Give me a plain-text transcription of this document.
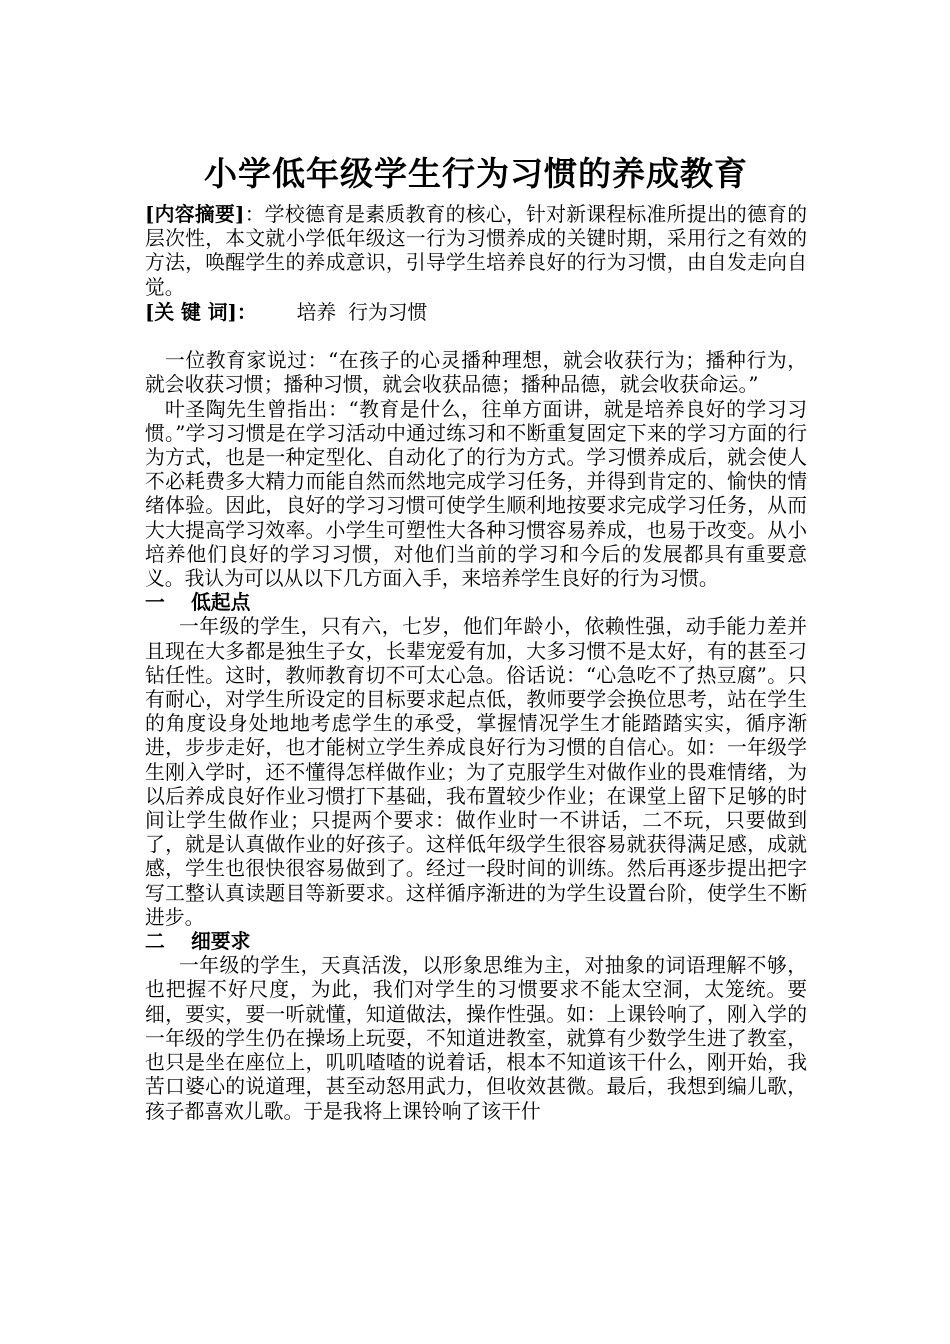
小学低年级学生行为习惯的养成教育

[内容摘要]：学校德育是素质教育的核心，针对新课程标准所提出的德育的层次性，本文就小学低年级这一行为习惯养成的关键时期，采用行之有效的方法，唤醒学生的养成意识，引导学生培养良好的行为习惯，由自发走向自觉。

[关 键 词]： 培养 行为习惯

一位教育家说过：“在孩子的心灵播种理想，就会收获行为；播种行为，就会收获习惯；播种习惯，就会收获品德；播种品德，就会收获命运。”

叶圣陶先生曾指出：“教育是什么，往单方面讲，就是培养良好的学习习惯。”学习习惯是在学习活动中通过练习和不断重复固定下来的学习方面的行为方式，也是一种定型化、自动化了的行为方式。学习惯养成后，就会使人不必耗费多大精力而能自然而然地完成学习任务，并得到肯定的、愉快的情绪体验。因此，良好的学习习惯可使学生顺利地按要求完成学习任务，从而大大提高学习效率。小学生可塑性大各种习惯容易养成，也易于改变。从小培养他们良好的学习习惯，对他们当前的学习和今后的发展都具有重要意义。我认为可以从以下几方面入手，来培养学生良好的行为习惯。

一 低起点

一年级的学生，只有六，七岁，他们年龄小，依赖性强，动手能力差并且现在大多都是独生子女，长辈宠爱有加，大多习惯不是太好，有的甚至刁钻任性。这时，教师教育切不可太心急。俗话说：“心急吃不了热豆腐”。只有耐心，对学生所设定的目标要求起点低，教师要学会换位思考，站在学生的角度设身处地地考虑学生的承受，掌握情况学生才能踏踏实实，循序渐进，步步走好，也才能树立学生养成良好行为习惯的自信心。如：一年级学生刚入学时，还不懂得怎样做作业；为了克服学生对做作业的畏难情绪，为以后养成良好作业习惯打下基础，我布置较少作业；在课堂上留下足够的时间让学生做作业；只提两个要求：做作业时一不讲话，二不玩，只要做到了，就是认真做作业的好孩子。这样低年级学生很容易就获得满足感，成就感，学生也很快很容易做到了。经过一段时间的训练。然后再逐步提出把字写工整认真读题目等新要求。这样循序渐进的为学生设置台阶，使学生不断进步。

二 细要求

一年级的学生，天真活泼，以形象思维为主，对抽象的词语理解不够，也把握不好尺度，为此，我们对学生的习惯要求不能太空洞，太笼统。要细，要实，要一听就懂，知道做法，操作性强。如：上课铃响了，刚入学的一年级的学生仍在操场上玩耍，不知道进教室，就算有少数学生进了教室，也只是坐在座位上，叽叽喳喳的说着话，根本不知道该干什么，刚开始，我苦口婆心的说道理，甚至动怒用武力，但收效甚微。最后，我想到编儿歌，孩子都喜欢儿歌。于是我将上课铃响了该干什
